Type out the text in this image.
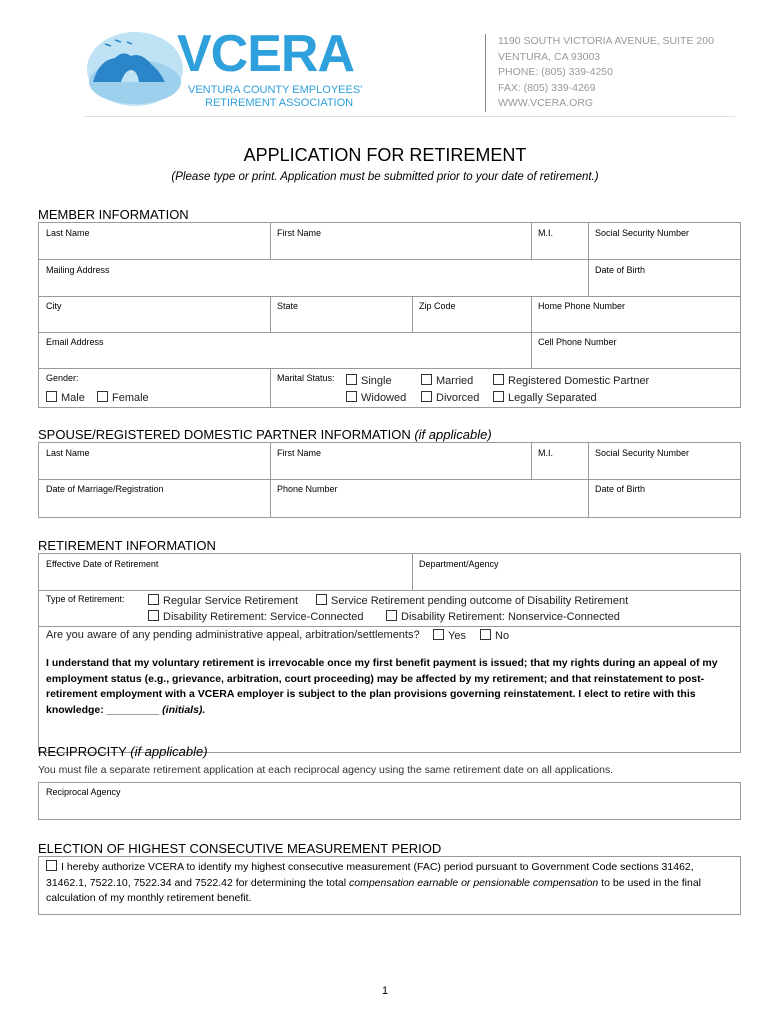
VCERA
VENTURA COUNTY EMPLOYEES'
RETIREMENT ASSOCIATION
1190 SOUTH VICTORIA AVENUE, SUITE 200
VENTURA, CA 93003
PHONE: (805) 339-4250
FAX: (805) 339-4269
WWW.VCERA.ORG
APPLICATION FOR RETIREMENT
(Please type or print. Application must be submitted prior to your date of retirement.)
MEMBER INFORMATION
Last Name	First Name	M.I.	Social Security Number
Mailing Address	Date of Birth
City	State	Zip Code	Home Phone Number
Email Address	Cell Phone Number
Gender:
Male	Female
Marital Status:	Single	Married	Registered Domestic Partner
Widowed	Divorced	Legally Separated
SPOUSE/REGISTERED DOMESTIC PARTNER INFORMATION (if applicable)
Last Name	First Name	M.I.	Social Security Number
Date of Marriage/Registration	Phone Number	Date of Birth
RETIREMENT INFORMATION
Effective Date of Retirement	Department/Agency
Type of Retirement:	Regular Service Retirement	Service Retirement pending outcome of Disability Retirement
Disability Retirement: Service-Connected	Disability Retirement: Nonservice-Connected
Are you aware of any pending administrative appeal, arbitration/settlements?	Yes	No
I understand that my voluntary retirement is irrevocable once my first benefit payment is issued; that my rights during an appeal of my employment status (e.g., grievance, arbitration, court proceeding) may be affected by my retirement; and that reinstatement to post-retirement employment with a VCERA employer is subject to the plan provisions governing reinstatement. I elect to retire with this knowledge: _________ (initials).
RECIPROCITY (if applicable)
You must file a separate retirement application at each reciprocal agency using the same retirement date on all applications.
Reciprocal Agency
ELECTION OF HIGHEST CONSECUTIVE MEASUREMENT PERIOD
I hereby authorize VCERA to identify my highest consecutive measurement (FAC) period pursuant to Government Code sections 31462, 31462.1, 7522.10, 7522.34 and 7522.42 for determining the total compensation earnable or pensionable compensation to be used in the final calculation of my monthly retirement benefit.
1
